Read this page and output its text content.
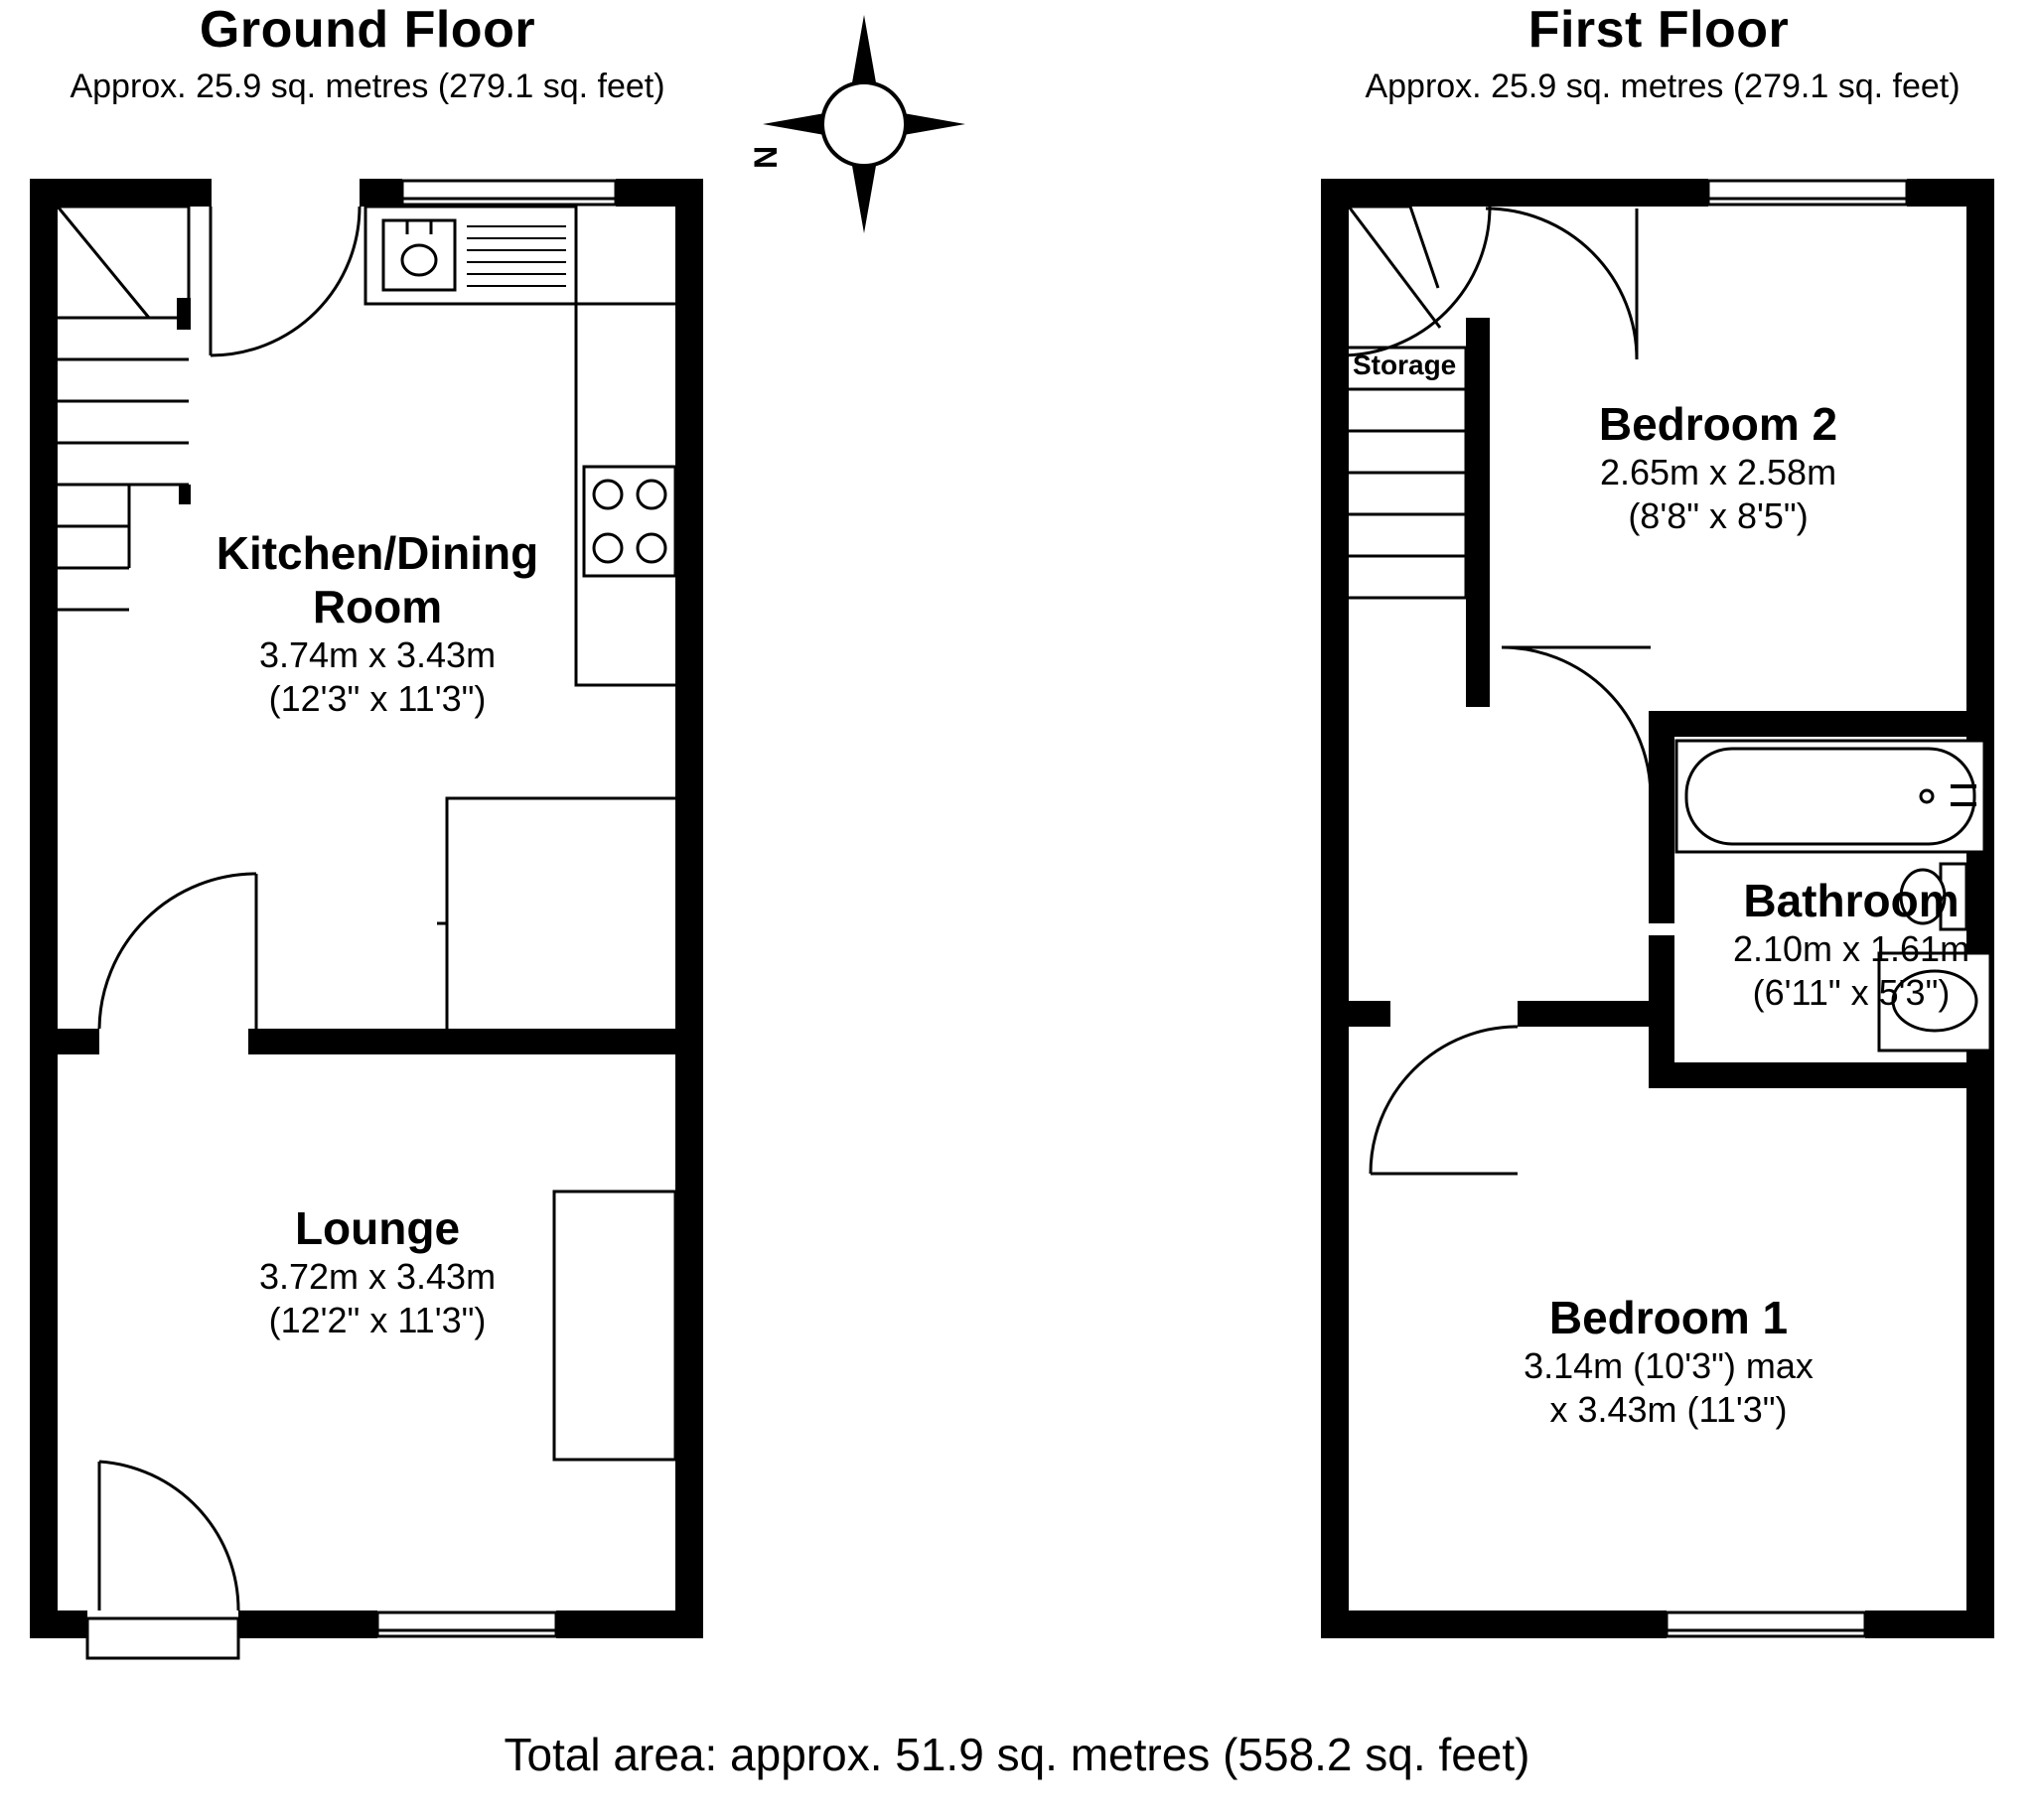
Ground Floor
Approx. 25.9 sq. metres (279.1 sq. feet)
First Floor
Approx. 25.9 sq. metres (279.1 sq. feet)
N
Kitchen/Dining
Room
3.74m x 3.43m
(12'3" x 11'3")
Lounge
3.72m x 3.43m
(12'2" x 11'3")
Storage
Bedroom 2
2.65m x 2.58m
(8'8" x 8'5")
Bathroom
2.10m x 1.61m
(6'11" x 5'3")
Bedroom 1
3.14m (10'3") max
x 3.43m (11'3")
Total area: approx. 51.9 sq. metres (558.2 sq. feet)
